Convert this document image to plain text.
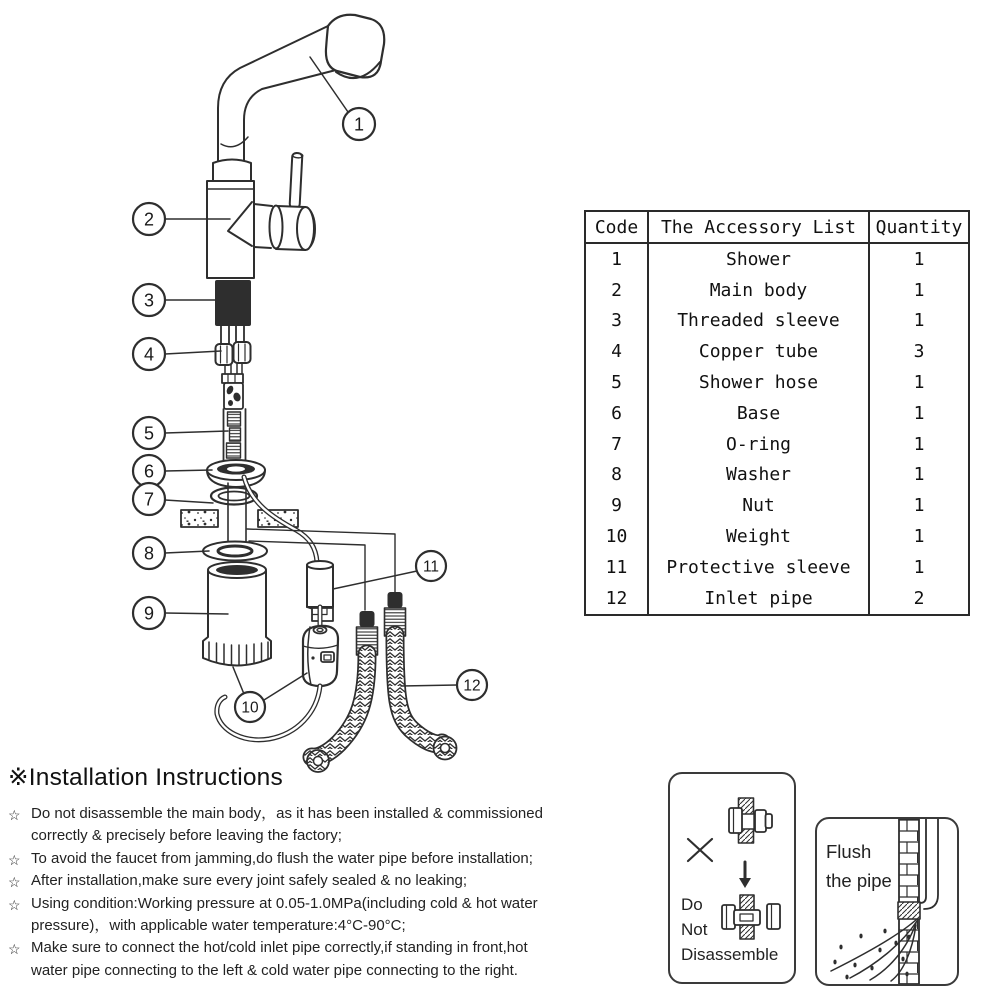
1
2
3
4
5
6
7
8
9
10
11
12
Code	The Accessory List	Quantity
1	Shower	1
2	Main body	1
3	Threaded sleeve	1
4	Copper tube	3
5	Shower hose	1
6	Base	1
7	O-ring	1
8	Washer	1
9	Nut	1
10	Weight	1
11	Protective sleeve	1
12	Inlet pipe	2
※Installation Instructions
☆ Do not disassemble the main body，as it has been installed & commissioned
correctly & precisely before leaving the factory;
☆ To avoid the faucet from jamming,do flush the water pipe before installation;
☆ After installation,make sure every joint safely sealed & no leaking;
☆ Using condition:Working pressure at 0.05-1.0MPa(including cold & hot water
pressure)，with applicable water temperature:4°C-90°C;
☆ Make sure to connect the hot/cold inlet pipe correctly,if standing in front,hot
water pipe connecting to the left & cold water pipe connecting to the right.
Do
Not
Disassemble
Flush
the pipe
